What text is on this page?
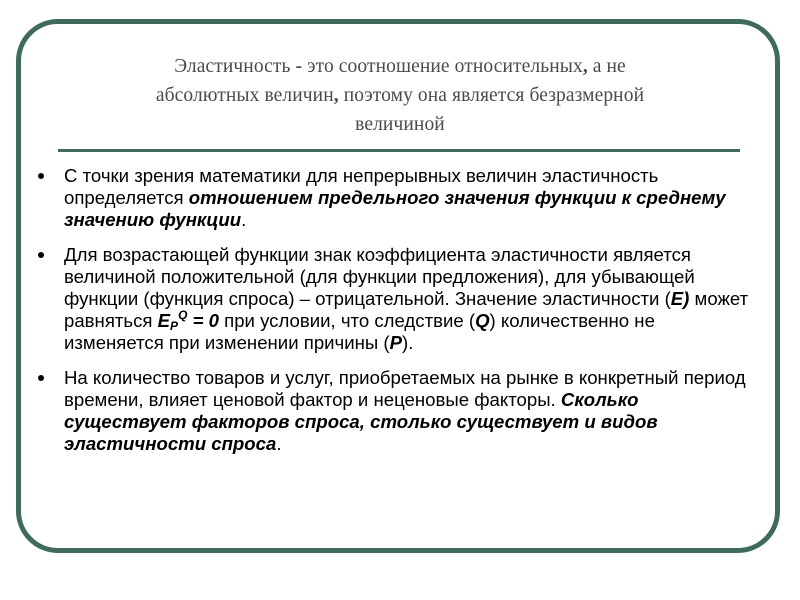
Эластичность - это соотношение относительных, а не
абсолютных величин, поэтому она является безразмерной
величиной
С точки зрения математики для непрерывных величин эластичность определяется отношением предельного значения функции к среднему значению функции.
Для возрастающей функции знак коэффициента эластичности является величиной положительной (для функции предложения), для убывающей функции (функция спроса) – отрицательной. Значение эластичности (Е) может равняться $Е_Р^Q = 0$ при условии, что следствие (Q) количественно не изменяется при изменении причины (Р).
На количество товаров и услуг, приобретаемых на рынке в конкретный период времени, влияет ценовой фактор и неценовые факторы. Сколько существует факторов спроса, столько существует и видов эластичности спроса.
